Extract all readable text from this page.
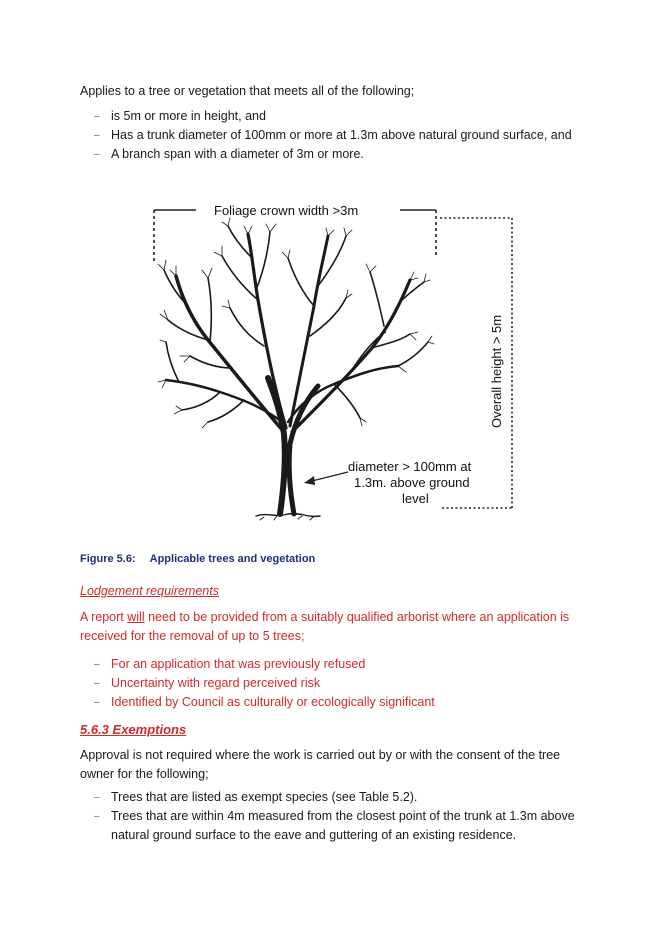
Applies to a tree or vegetation that meets all of the following;

– is 5m or more in height, and
– Has a trunk diameter of 100mm or more at 1.3m above natural ground surface, and
– A branch span with a diameter of 3m or more.
Foliage crown width >3m
Overall height > 5m
diameter > 100mm at 1.3m. above ground level
Figure 5.6: Applicable trees and vegetation
Lodgement requirements

A report will need to be provided from a suitably qualified arborist where an application is received for the removal of up to 5 trees;

– For an application that was previously refused
– Uncertainty with regard perceived risk
– Identified by Council as culturally or ecologically significant
5.6.3 Exemptions

Approval is not required where the work is carried out by or with the consent of the tree owner for the following;

– Trees that are listed as exempt species (see Table 5.2).
– Trees that are within 4m measured from the closest point of the trunk at 1.3m above natural ground surface to the eave and guttering of an existing residence.
